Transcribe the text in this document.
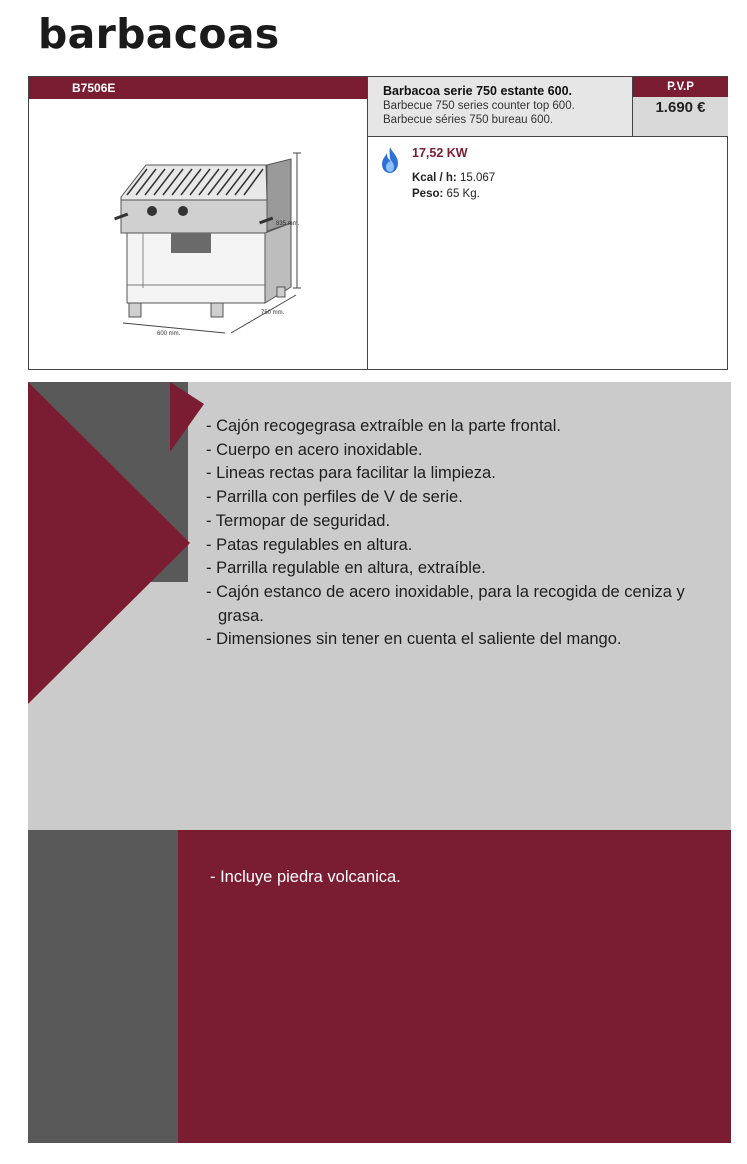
barbacoas
B7506E
835 mm.
750 mm.
600 mm.
Barbacoa serie 750 estante 600.
Barbecue 750 series counter top 600.
Barbecue séries 750 bureau 600.
P.V.P
1.690 €
17,52 KW
Kcal / h: 15.067
Peso: 65 Kg.
- Cajón recogegrasa extraíble en la parte frontal.
- Cuerpo en acero inoxidable.
- Lineas rectas para facilitar la limpieza.
- Parrilla con perfiles de V de serie.
- Termopar de seguridad.
- Patas regulables en altura.
- Parrilla regulable en altura, extraíble.
- Cajón estanco de acero inoxidable, para la recogida de ceniza y grasa.
- Dimensiones sin tener en cuenta el saliente del mango.
- Incluye piedra volcanica.
